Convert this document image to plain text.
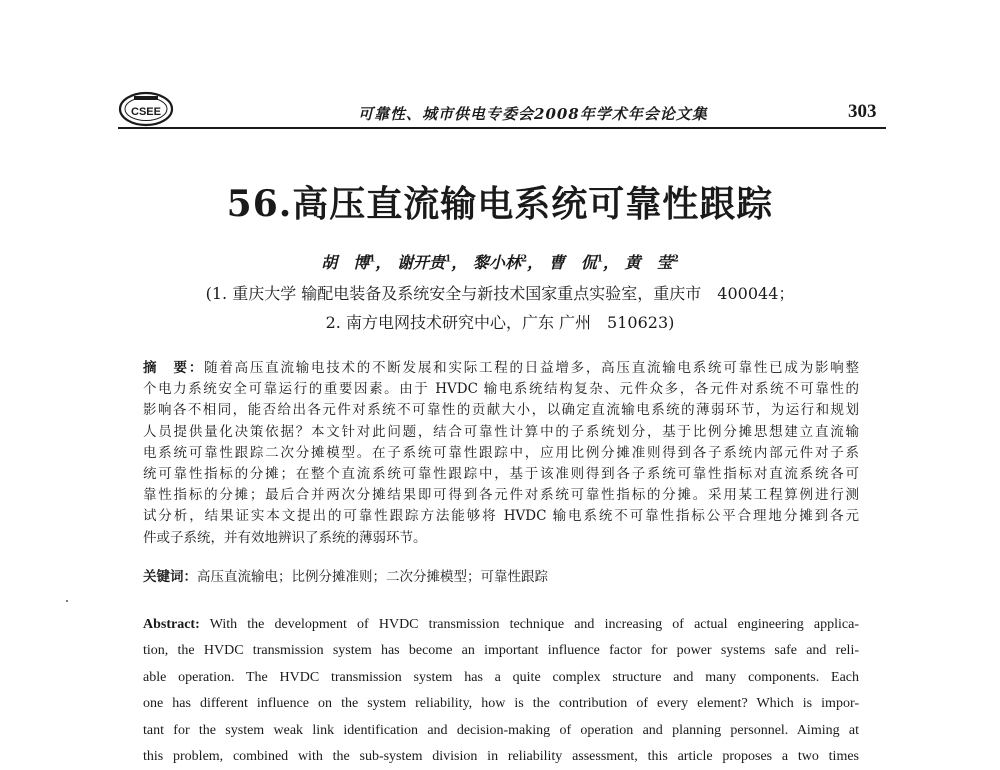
CSEE	可靠性、城市供电专委会2008年学术年会论文集	303
56.高压直流输电系统可靠性跟踪
胡　博$^1$， 谢开贵$^1$， 黎小林$^2$， 曹　侃$^1$， 黄　莹$^2$
(1. 重庆大学 输配电装备及系统安全与新技术国家重点实验室，重庆市　400044；
2. 南方电网技术研究中心，广东 广州　510623)
摘　要：随着高压直流输电技术的不断发展和实际工程的日益增多，高压直流输电系统可靠性已成为影响整
个电力系统安全可靠运行的重要因素。由于 HVDC 输电系统结构复杂、元件众多，各元件对系统不可靠性的
影响各不相同，能否给出各元件对系统不可靠性的贡献大小，以确定直流输电系统的薄弱环节，为运行和规划
人员提供量化决策依据？本文针对此问题，结合可靠性计算中的子系统划分，基于比例分摊思想建立直流输
电系统可靠性跟踪二次分摊模型。在子系统可靠性跟踪中，应用比例分摊准则得到各子系统内部元件对子系
统可靠性指标的分摊；在整个直流系统可靠性跟踪中，基于该准则得到各子系统可靠性指标对直流系统各可
靠性指标的分摊；最后合并两次分摊结果即可得到各元件对系统可靠性指标的分摊。采用某工程算例进行测
试分析，结果证实本文提出的可靠性跟踪方法能够将 HVDC 输电系统不可靠性指标公平合理地分摊到各元
件或子系统，并有效地辨识了系统的薄弱环节。
关键词：高压直流输电；比例分摊准则；二次分摊模型；可靠性跟踪
Abstract: With the development of HVDC transmission technique and increasing of actual engineering applica-
tion, the HVDC transmission system has become an important influence factor for power systems safe and reli-
able operation. The HVDC transmission system has a quite complex structure and many components. Each
one has different influence on the system reliability, how is the contribution of every element? Which is impor-
tant for the system weak link identification and decision-making of operation and planning personnel. Aiming at
this problem, combined with the sub-system division in reliability assessment, this article proposes a two times
